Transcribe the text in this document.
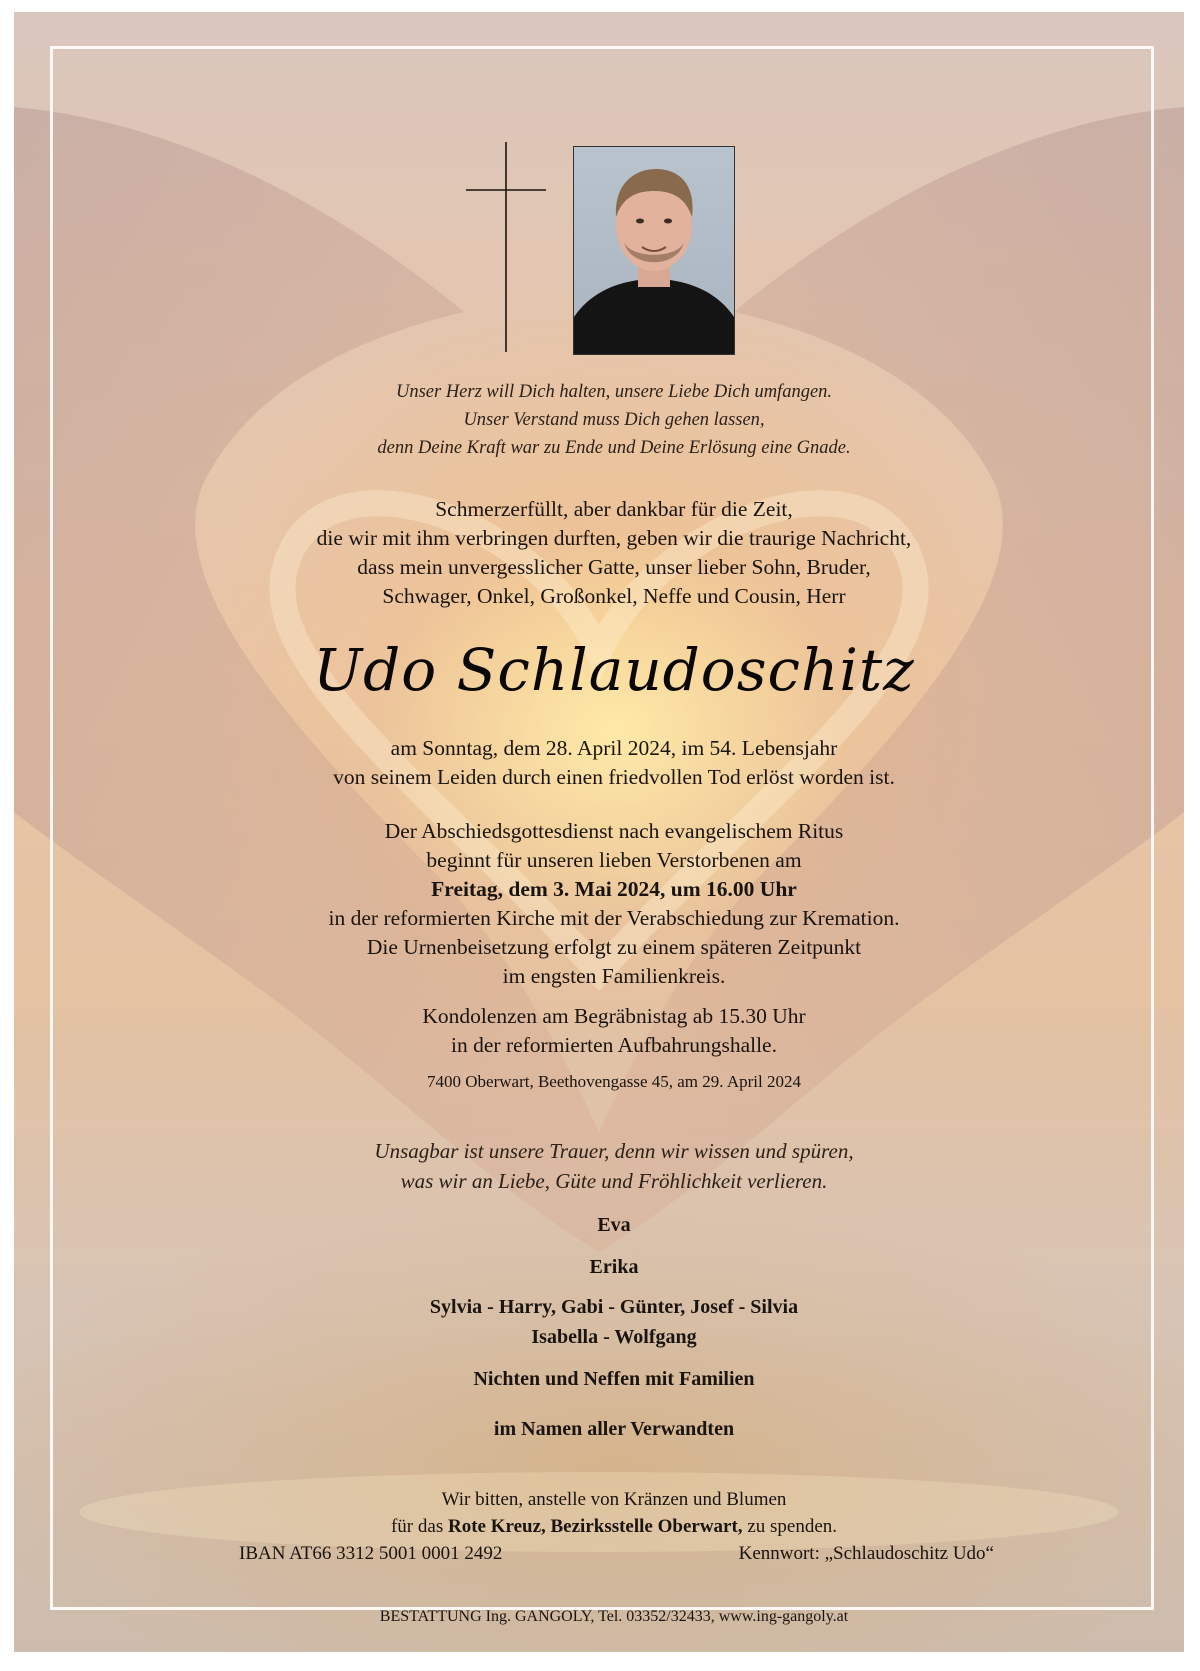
Unser Herz will Dich halten, unsere Liebe Dich umfangen.
Unser Verstand muss Dich gehen lassen,
denn Deine Kraft war zu Ende und Deine Erlösung eine Gnade.
Schmerzerfüllt, aber dankbar für die Zeit,
die wir mit ihm verbringen durften, geben wir die traurige Nachricht,
dass mein unvergesslicher Gatte, unser lieber Sohn, Bruder,
Schwager, Onkel, Großonkel, Neffe und Cousin, Herr
Udo Schlaudoschitz
am Sonntag, dem 28. April 2024, im 54. Lebensjahr
von seinem Leiden durch einen friedvollen Tod erlöst worden ist.
Der Abschiedsgottesdienst nach evangelischem Ritus
beginnt für unseren lieben Verstorbenen am
Freitag, dem 3. Mai 2024, um 16.00 Uhr
in der reformierten Kirche mit der Verabschiedung zur Kremation.
Die Urnenbeisetzung erfolgt zu einem späteren Zeitpunkt
im engsten Familienkreis.
Kondolenzen am Begräbnistag ab 15.30 Uhr
in der reformierten Aufbahrungshalle.
7400 Oberwart, Beethovengasse 45, am 29. April 2024
Unsagbar ist unsere Trauer, denn wir wissen und spüren,
was wir an Liebe, Güte und Fröhlichkeit verlieren.
Eva
Erika
Sylvia - Harry, Gabi - Günter, Josef - Silvia
Isabella - Wolfgang
Nichten und Neffen mit Familien
im Namen aller Verwandten
Wir bitten, anstelle von Kränzen und Blumen
für das Rote Kreuz, Bezirksstelle Oberwart, zu spenden.
IBAN AT66 3312 5001 0001 2492	Kennwort: „Schlaudoschitz Udo“
BESTATTUNG Ing. GANGOLY, Tel. 03352/32433, www.ing-gangoly.at
